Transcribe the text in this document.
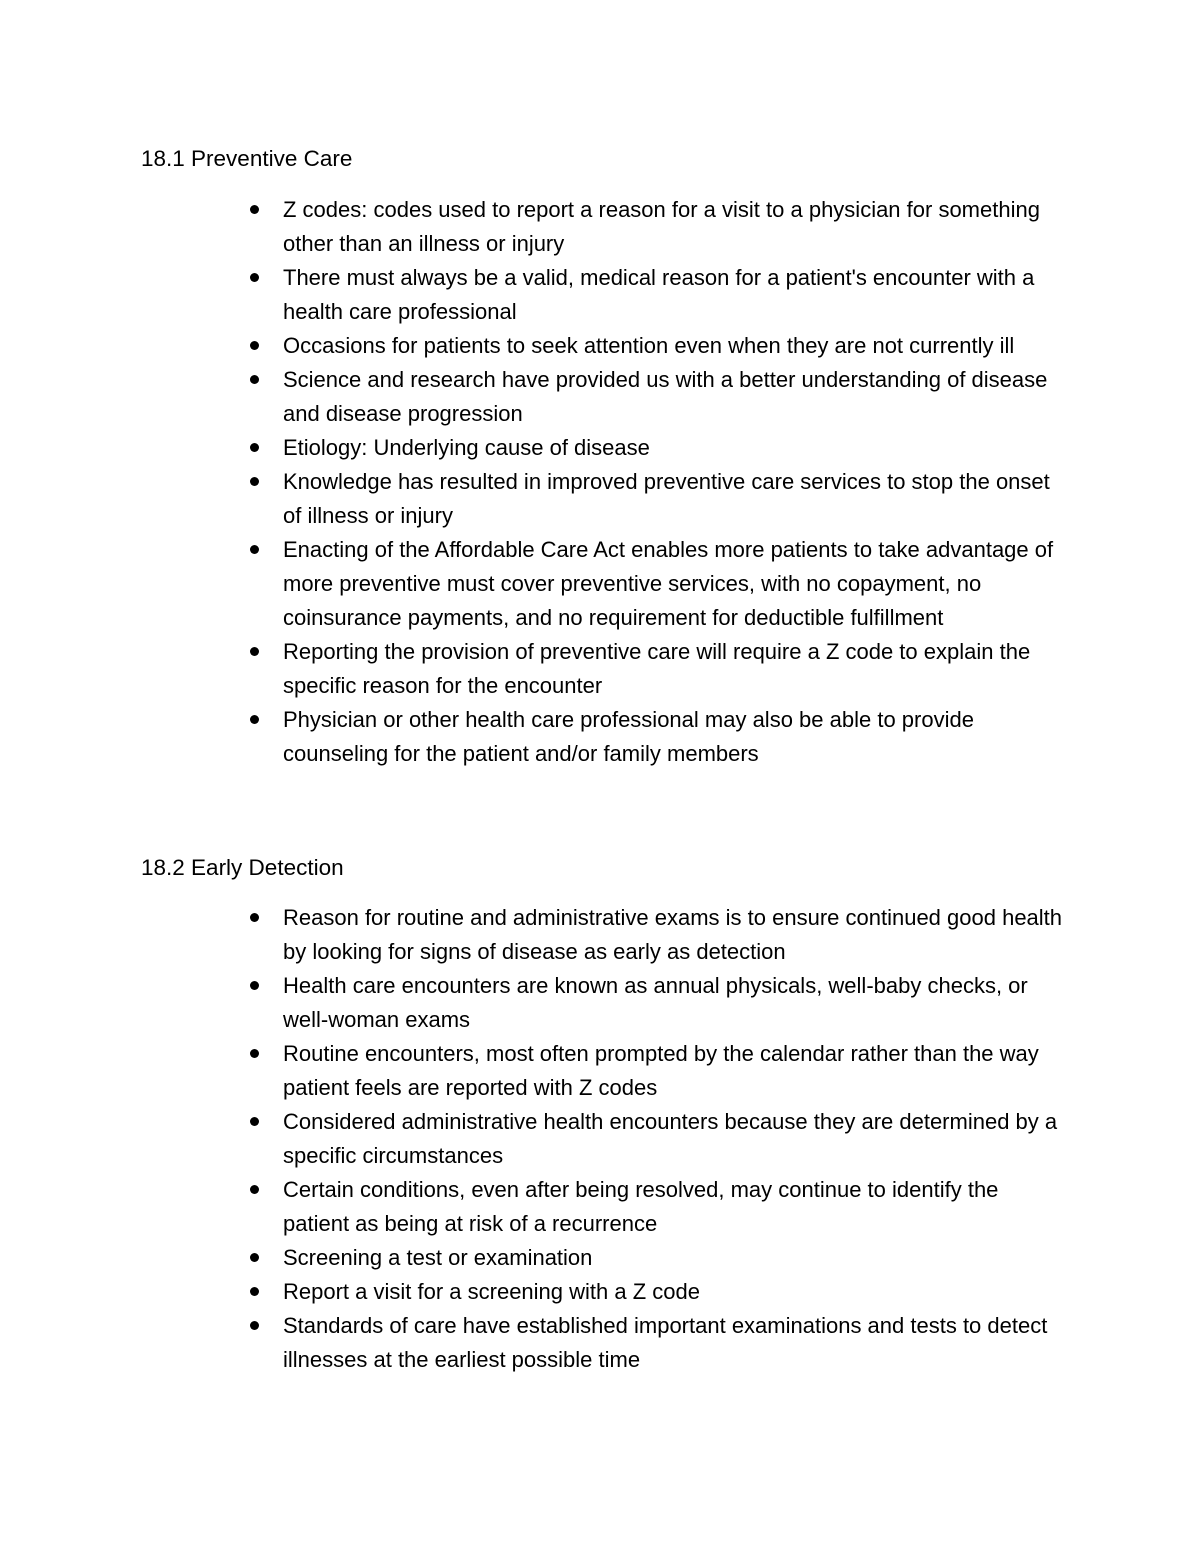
18.1 Preventive Care
Z codes: codes used to report a reason for a visit to a physician for something other than an illness or injury
There must always be a valid, medical reason for a patient's encounter with a health care professional
Occasions for patients to seek attention even when they are not currently ill
Science and research have provided us with a better understanding of disease and disease progression
Etiology: Underlying cause of disease
Knowledge has resulted in improved preventive care services to stop the onset of illness or injury
Enacting of the Affordable Care Act enables more patients to take advantage of more preventive must cover preventive services, with no copayment, no coinsurance payments, and no requirement for deductible fulfillment
Reporting the provision of preventive care will require a Z code to explain the specific reason for the encounter
Physician or other health care professional may also be able to provide counseling for the patient and/or family members
18.2 Early Detection
Reason for routine and administrative exams is to ensure continued good health by looking for signs of disease as early as detection
Health care encounters are known as annual physicals, well-baby checks, or well-woman exams
Routine encounters, most often prompted by the calendar rather than the way patient feels are reported with Z codes
Considered administrative health encounters because they are determined by a specific circumstances
Certain conditions, even after being resolved, may continue to identify the patient as being at risk of a recurrence
Screening a test or examination
Report a visit for a screening with a Z code
Standards of care have established important examinations and tests to detect illnesses at the earliest possible time
